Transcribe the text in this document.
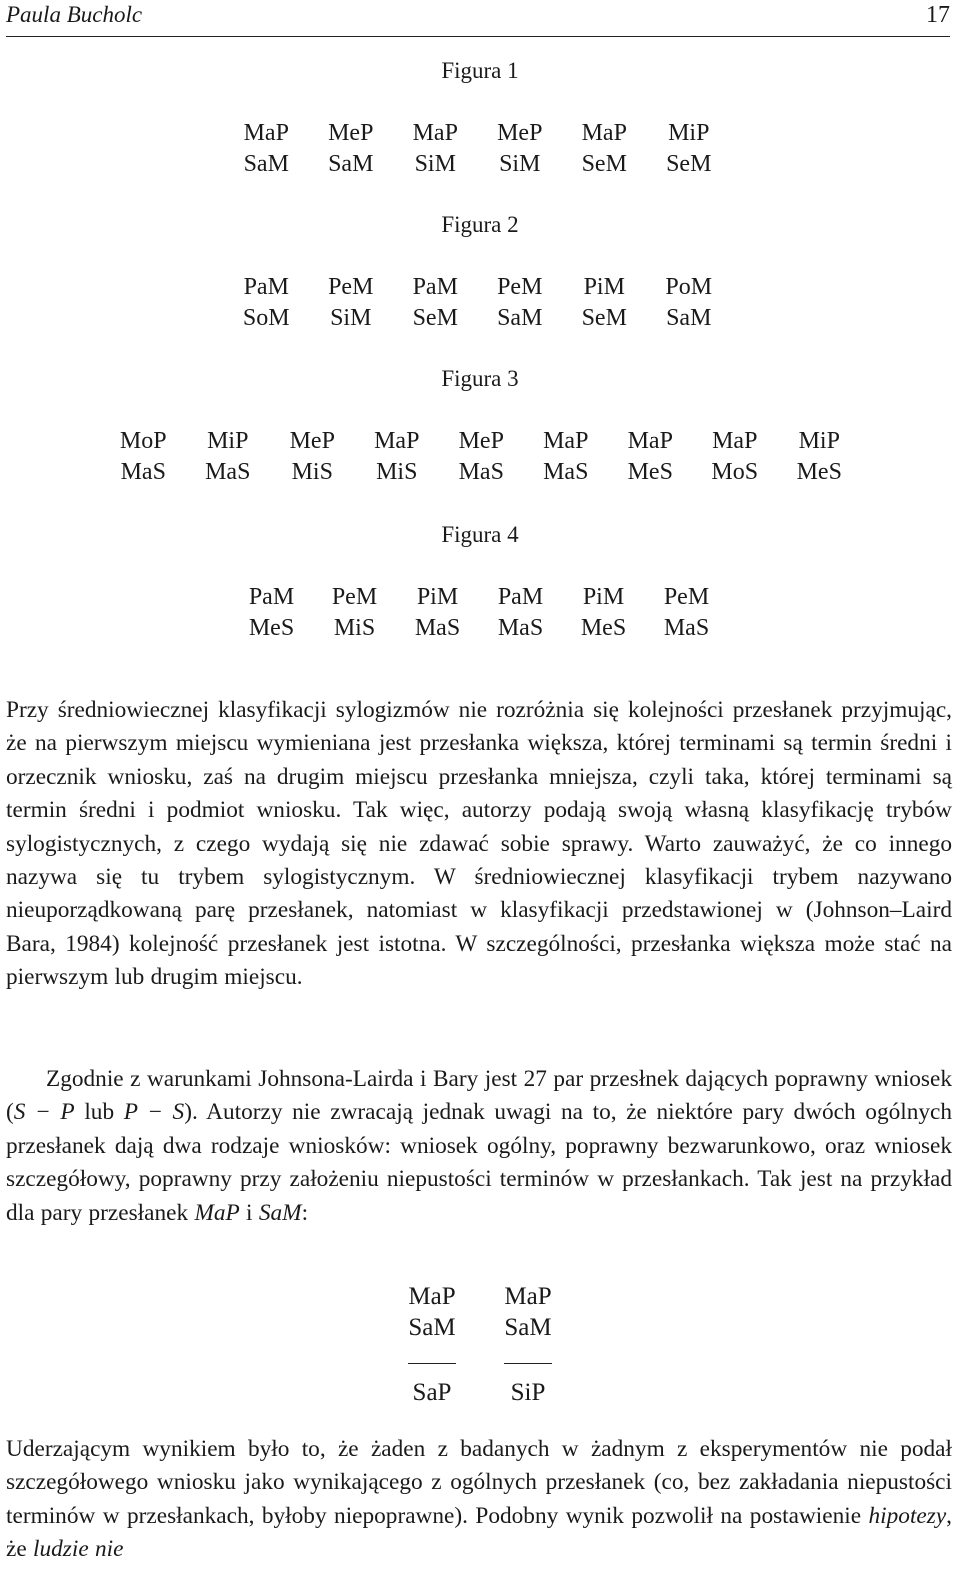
Paula Bucholc	17
Figura 1
MaP
SaM
MeP
SaM
MaP
SiM
MeP
SiM
MaP
SeM
MiP
SeM
Figura 2
PaM
SoM
PeM
SiM
PaM
SeM
PeM
SaM
PiM
SeM
PoM
SaM
Figura 3
MoP
MaS
MiP
MaS
MeP
MiS
MaP
MiS
MeP
MaS
MaP
MaS
MaP
MeS
MaP
MoS
MiP
MeS
Figura 4
PaM
MeS
PeM
MiS
PiM
MaS
PaM
MaS
PiM
MeS
PeM
MaS

Przy średniowiecznej klasyfikacji sylogizmów nie rozróżnia się kolejności przesłanek przyjmując, że na pierwszym miejscu wymieniana jest przesłanka większa, której terminami są termin średni i orzecznik wniosku, zaś na drugim miejscu przesłanka mniejsza, czyli taka, której terminami są termin średni i podmiot wniosku. Tak więc, autorzy podają swoją własną klasyfikację trybów sylogistycznych, z czego wydają się nie zdawać sobie sprawy. Warto zauważyć, że co innego nazywa się tu trybem sylogistycznym. W średniowiecznej klasyfikacji trybem nazywano nieuporządkowaną parę przesłanek, natomiast w klasyfikacji przedstawionej w (Johnson–Laird Bara, 1984) kolejność przesłanek jest istotna. W szczególności, przesłanka większa może stać na pierwszym lub drugim miejscu.

Zgodnie z warunkami Johnsona-Lairda i Bary jest 27 par przesłnek dających poprawny wniosek (S − P lub P − S). Autorzy nie zwracają jednak uwagi na to, że niektóre pary dwóch ogólnych przesłanek dają dwa rodzaje wniosków: wniosek ogólny, poprawny bezwarunkowo, oraz wniosek szczegółowy, poprawny przy założeniu niepustości terminów w przesłankach. Tak jest na przykład dla pary przesłanek MaP i SaM:

MaP
SaM
SaP
MaP
SaM
SiP

Uderzającym wynikiem było to, że żaden z badanych w żadnym z eksperymentów nie podał szczegółowego wniosku jako wynikającego z ogólnych przesłanek (co, bez zakładania niepustości terminów w przesłankach, byłoby niepoprawne). Podobny wynik pozwolił na postawienie hipotezy, że ludzie nie
